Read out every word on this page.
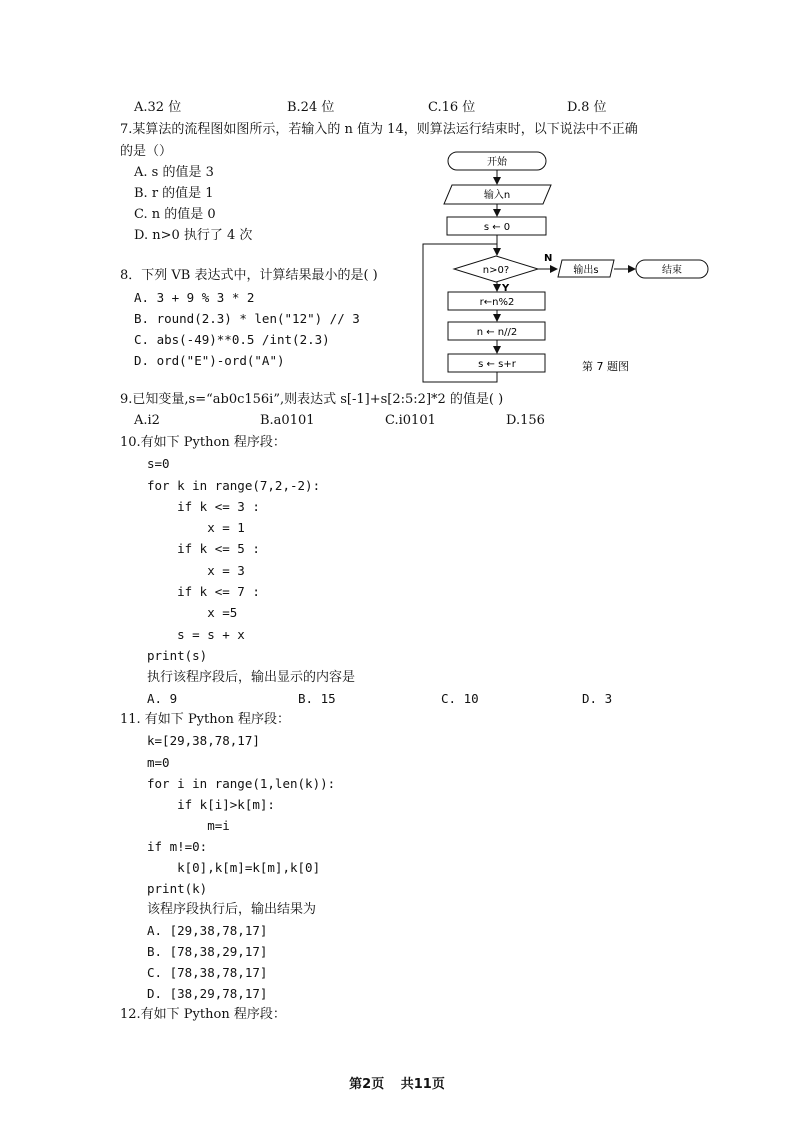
A.32 位	B.24 位	C.16 位	D.8 位
7.某算法的流程图如图所示，若输入的 n 值为 14，则算法运行结束时，以下说法中不正确
的是（）
A. s 的值是 3
B. r 的值是 1
C. n 的值是 0
D. n>0 执行了 4 次
开始
输入n
s ← 0
n>0?
Y
N
r←n%2
n ← n//2
s ← s+r
输出s	结束
第 7 题图
8．下列 VB 表达式中，计算结果最小的是( )
A. 3 + 9 % 3 * 2
B. round(2.3) * len("12") // 3
C. abs(-49)**0.5 /int(2.3)
D. ord("E")-ord("A")
9.已知变量,s=“ab0c156i”,则表达式 s[-1]+s[2:5:2]*2 的值是( )
A.i2	B.a0101	C.i0101	D.156
10.有如下 Python 程序段：
s=0
for k in range(7,2,-2):
if k <= 3 :
x = 1
if k <= 5 :
x = 3
if k <= 7 :
x =5
s = s + x
print(s)
执行该程序段后，输出显示的内容是
A. 9	B. 15	C. 10	D. 3
11. 有如下 Python 程序段：
k=[29,38,78,17]
m=0
for i in range(1,len(k)):
if k[i]>k[m]:
m=i
if m!=0:
k[0],k[m]=k[m],k[0]
print(k)
该程序段执行后，输出结果为
A. [29,38,78,17]
B. [78,38,29,17]
C. [78,38,78,17]
D. [38,29,78,17]
12.有如下 Python 程序段：
第2页 共11页
